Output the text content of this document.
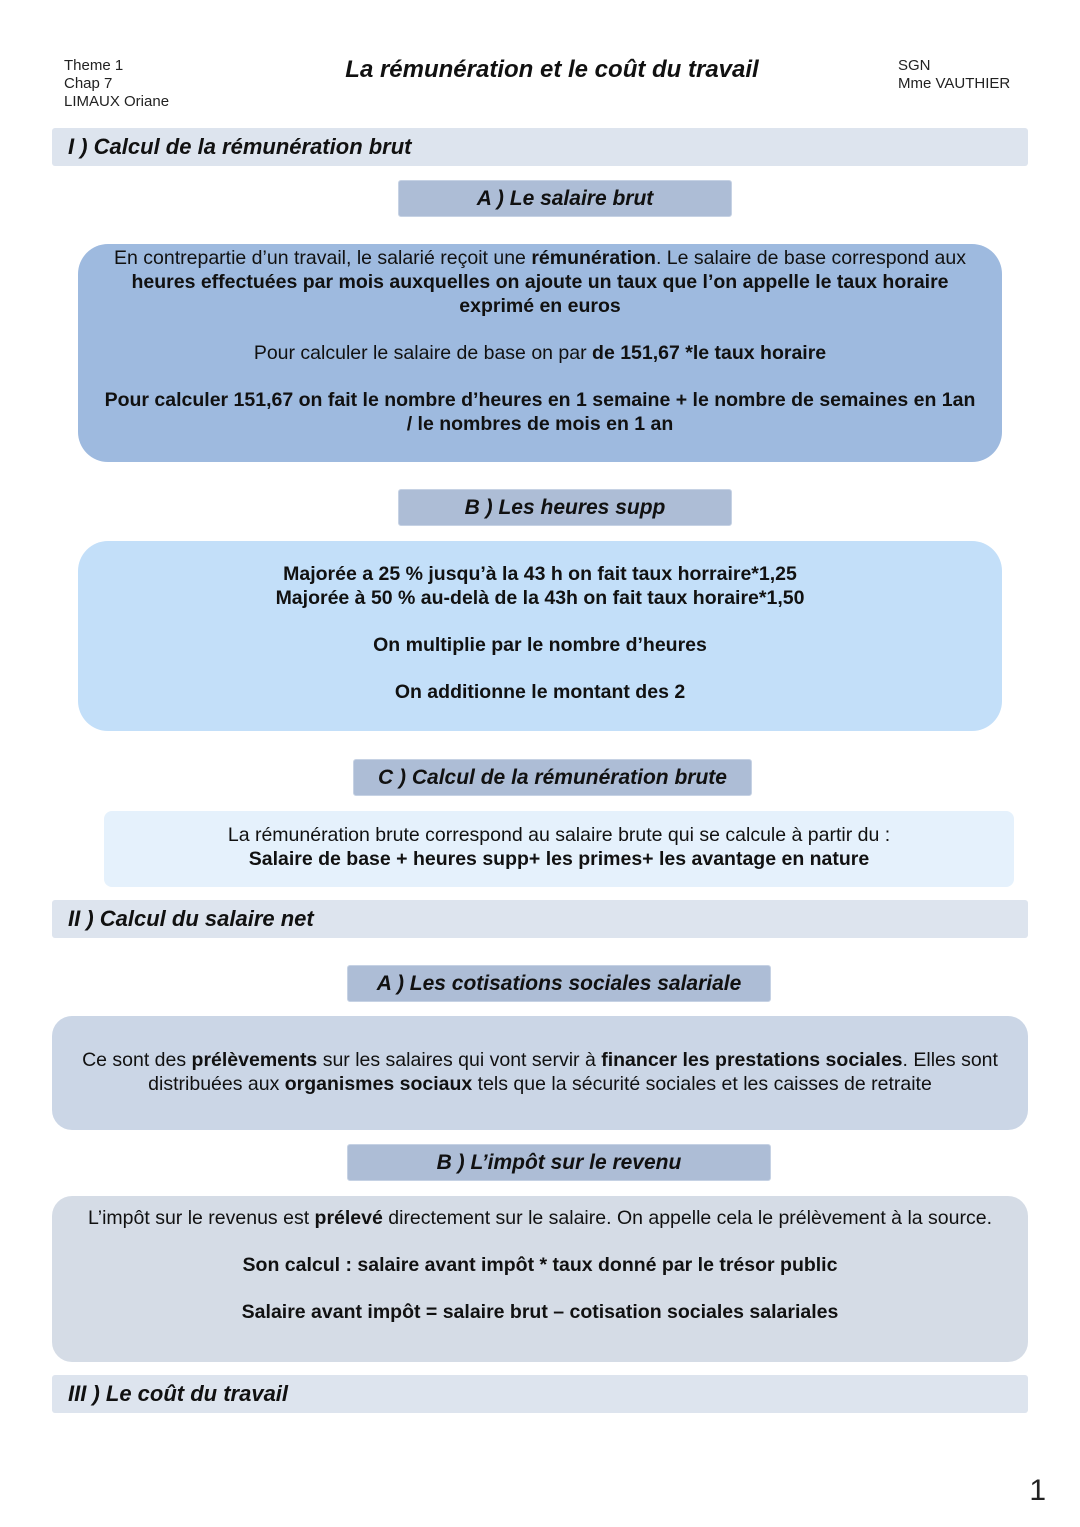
Theme 1
Chap 7
LIMAUX Oriane
La rémunération et le coût du travail	SGN
Mme VAUTHIER
I ) Calcul de la rémunération brut
A ) Le salaire brut

En contrepartie d’un travail, le salarié reçoit une rémunération. Le salaire de base correspond aux heures effectuées par mois auxquelles on ajoute un taux que l’on appelle le taux horaire exprimé en euros

Pour calculer le salaire de base on par de 151,67 *le taux horaire

Pour calculer 151,67 on fait le nombre d’heures en 1 semaine + le nombre de semaines en 1an / le nombres de mois en 1 an

B ) Les heures supp

Majorée a 25 % jusqu’à la 43 h on fait taux horraire*1,25

Majorée à 50 % au-delà de la 43h on fait taux horaire*1,50

On multiplie par le nombre d’heures

On additionne le montant des 2

C ) Calcul de la rémunération brute

La rémunération brute correspond au salaire brute qui se calcule à partir du :

Salaire de base + heures supp+ les primes+ les avantage en nature

II ) Calcul du salaire net
A ) Les cotisations sociales salariale

Ce sont des prélèvements sur les salaires qui vont servir à financer les prestations sociales. Elles sont distribuées aux organismes sociaux tels que la sécurité sociales et les caisses de retraite

B ) L’impôt sur le revenu

L’impôt sur le revenus est prélevé directement sur le salaire. On appelle cela le prélèvement à la source.

Son calcul : salaire avant impôt * taux donné par le trésor public

Salaire avant impôt = salaire brut – cotisation sociales salariales

III ) Le coût du travail
1
